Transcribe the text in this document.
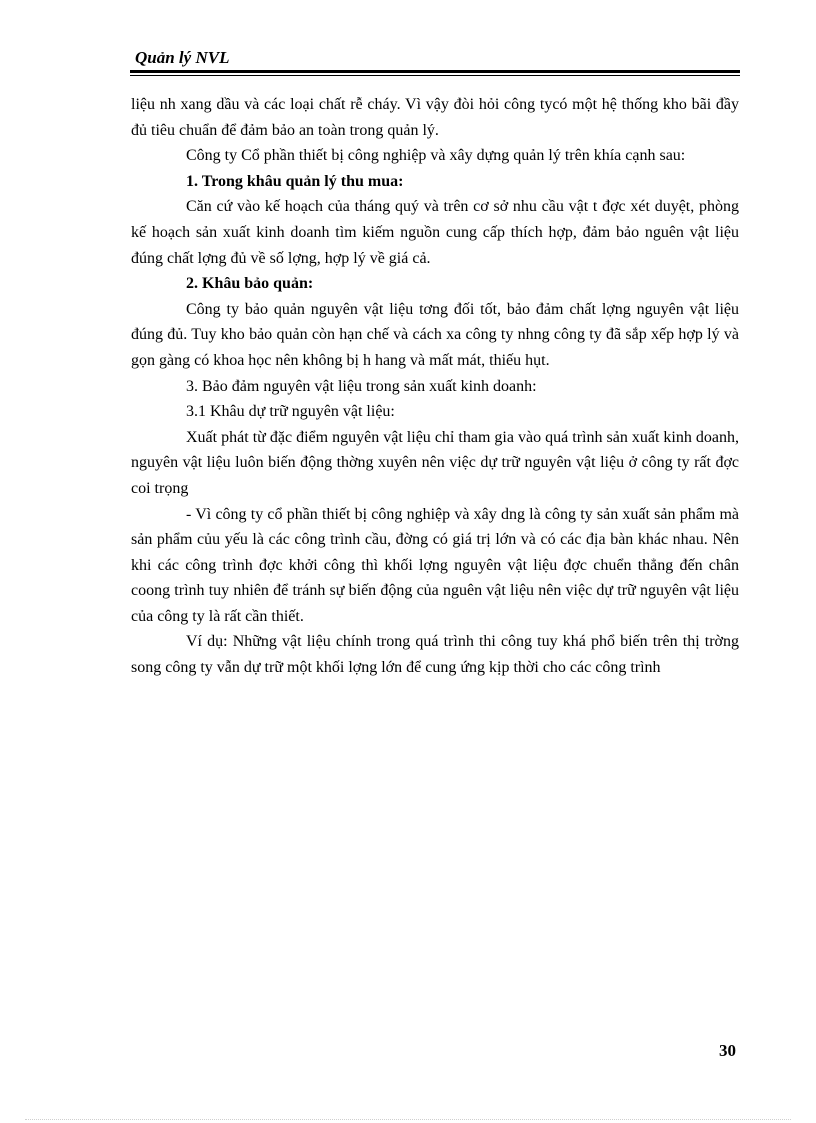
Quản lý NVL

liệu nh xang dầu và các loại chất rễ cháy. Vì vậy đòi hỏi công tycó một hệ thống kho bãi đầy đủ tiêu chuẩn để đảm bảo an toàn trong quản lý.

Công ty Cổ phần thiết bị công nghiệp và xây dựng quản lý trên khía cạnh sau:

1. Trong khâu quản lý thu mua:

Căn cứ vào kế hoạch của tháng quý và trên cơ sở nhu cầu vật t đợc xét duyệt, phòng kế hoạch sản xuất kinh doanh tìm kiếm nguồn cung cấp thích hợp, đảm bảo nguên vật liệu đúng chất lợng đủ về số lợng, hợp lý về giá cả.

2. Khâu bảo quản:

Công ty bảo quản nguyên vật liệu tơng đối tốt, bảo đảm chất lợng nguyên vật liệu đúng đủ. Tuy kho bảo quản còn hạn chế và cách xa công ty nhng công ty đã sắp xếp hợp lý và gọn gàng có khoa học nên không bị h hang và mất mát, thiếu hụt.

3. Bảo đảm nguyên vật liệu trong sản xuất kinh doanh:

3.1 Khâu dự trữ nguyên vật liệu:

Xuất phát từ đặc điểm nguyên vật liệu chỉ tham gia vào quá trình sản xuất kinh doanh, nguyên vật liệu luôn biến động thờng xuyên nên việc dự trữ nguyên vật liệu ở công ty rất đợc coi trọng

- Vì công ty cổ phần thiết bị công nghiệp và xây dng là công ty sản xuất sản phẩm mà sản phẩm củu yếu là các công trình cầu, đờng có giá trị lớn và có các địa bàn khác nhau. Nên khi các công trình đợc khởi công thì khối lợng nguyên vật liệu đợc chuển thẳng đến chân coong trình tuy nhiên để tránh sự biến động của nguên vật liệu nên việc dự trữ nguyên vật liệu của công ty là rất cần thiết.

Ví dụ: Những vật liệu chính trong quá trình thi công tuy khá phổ biến trên thị trờng song công ty vẫn dự trữ một khối lợng lớn để cung ứng kịp thời cho các công trình

30
